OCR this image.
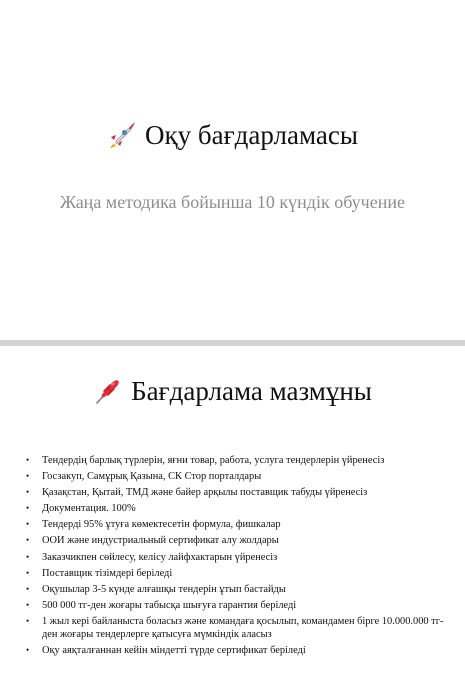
Оқу бағдарламасы
Жаңа методика бойынша 10 күндік обучение
Бағдарлама мазмұны
• Тендердің барлық түрлерін, яғни товар, работа, услуга тендерлерін үйренесіз
• Госзакуп, Самұрық Қазына, СК Стор порталдары
• Қазақстан, Қытай, ТМД және байер арқылы поставщик табуды үйренесіз
• Документация. 100%
• Тендерді 95% ұтуға көмектесетін формула, фишкалар
• ООИ және индустриальный сертификат алу жолдары
• Заказчикпен сөйлесу, келісу лайфхактарын үйренесіз
• Поставщик тізімдері беріледі
• Оқушылар 3-5 күнде алғашқы тендерін ұтып бастайды
• 500 000 тг-ден жоғары табысқа шығуға гарантия беріледі
• 1 жыл кері байланыста боласыз және командаға қосылып, командамен бірге 10.000.000 тг-ден жоғары тендерлерге қатысуға мүмкіндік аласыз
• Оқу аяқталғаннан кейін міндетті түрде сертификат беріледі
